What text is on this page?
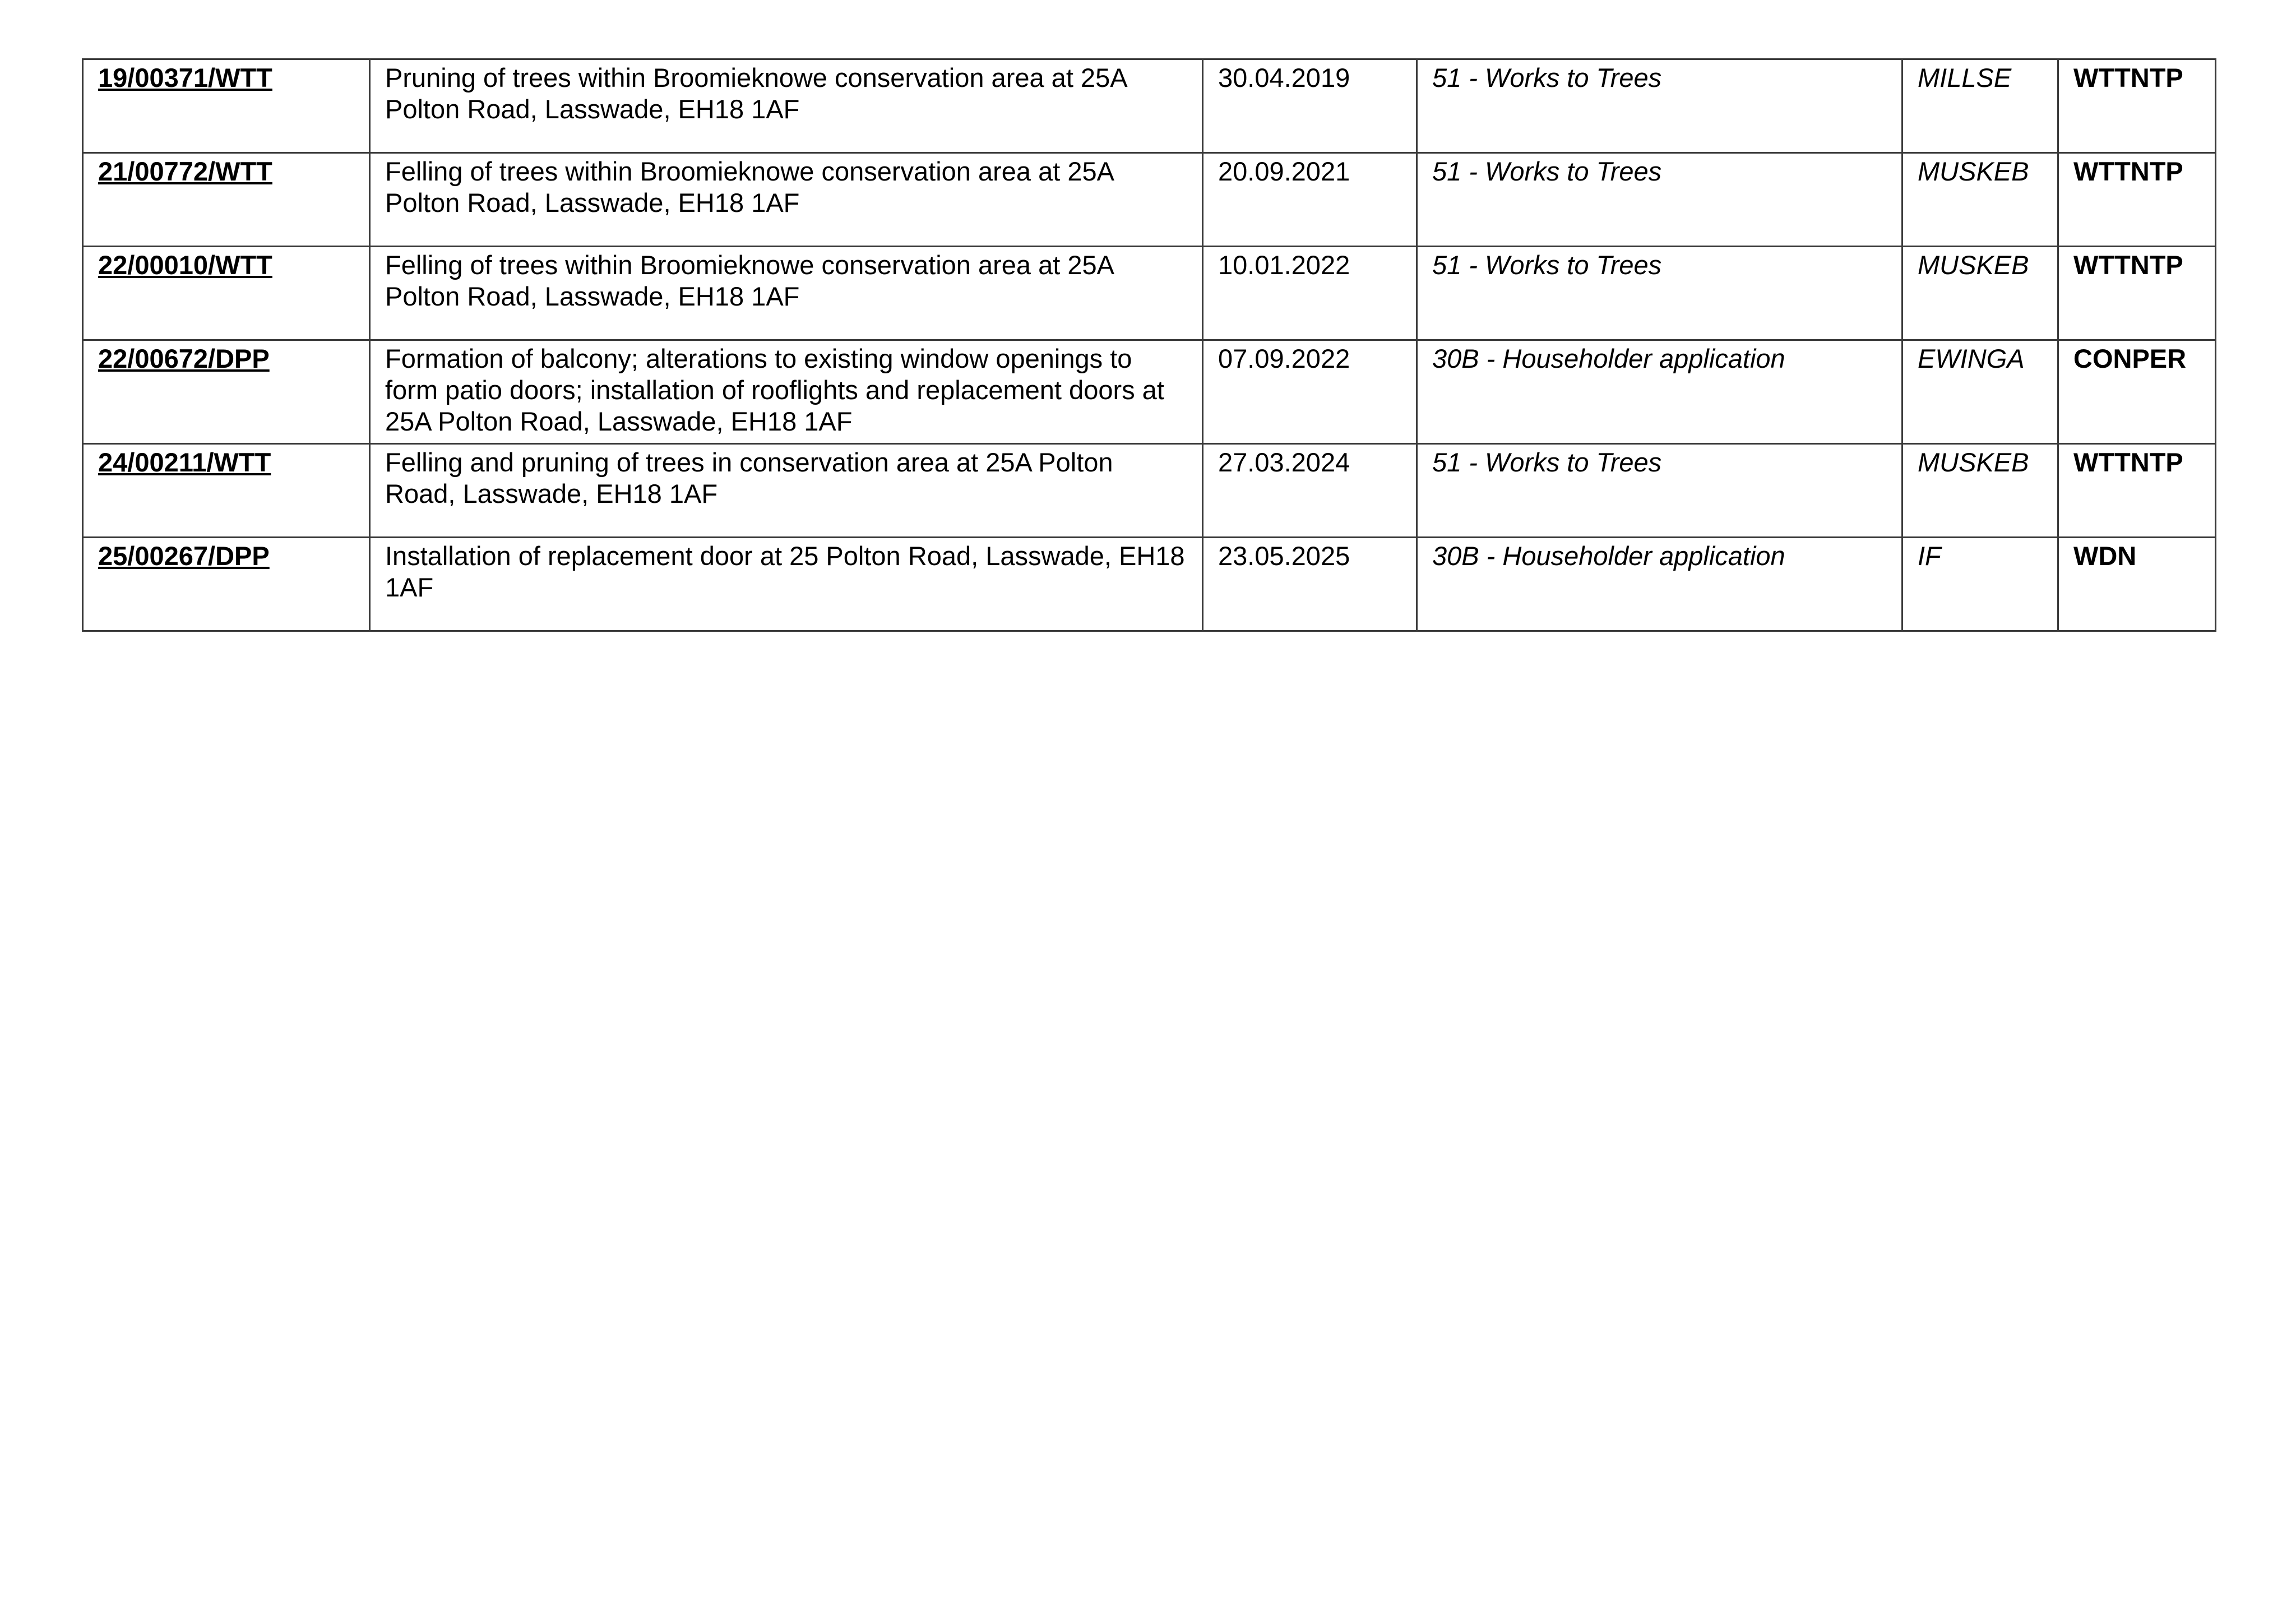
19/00371/WTT	Pruning of trees within Broomieknowe conservation area at 25A Polton Road, Lasswade, EH18 1AF	30.04.2019	51 - Works to Trees	MILLSE	WTTNTP
21/00772/WTT	Felling of trees within Broomieknowe conservation area at 25A Polton Road, Lasswade, EH18 1AF	20.09.2021	51 - Works to Trees	MUSKEB	WTTNTP
22/00010/WTT	Felling of trees within Broomieknowe conservation area at 25A Polton Road, Lasswade, EH18 1AF	10.01.2022	51 - Works to Trees	MUSKEB	WTTNTP
22/00672/DPP	Formation of balcony; alterations to existing window openings to form patio doors; installation of rooflights and replacement doors at 25A Polton Road, Lasswade, EH18 1AF	07.09.2022	30B - Householder application	EWINGA	CONPER
24/00211/WTT	Felling and pruning of trees in conservation area at 25A Polton Road, Lasswade, EH18 1AF	27.03.2024	51 - Works to Trees	MUSKEB	WTTNTP
25/00267/DPP	Installation of replacement door at 25 Polton Road, Lasswade, EH18 1AF	23.05.2025	30B - Householder application	IF	WDN
